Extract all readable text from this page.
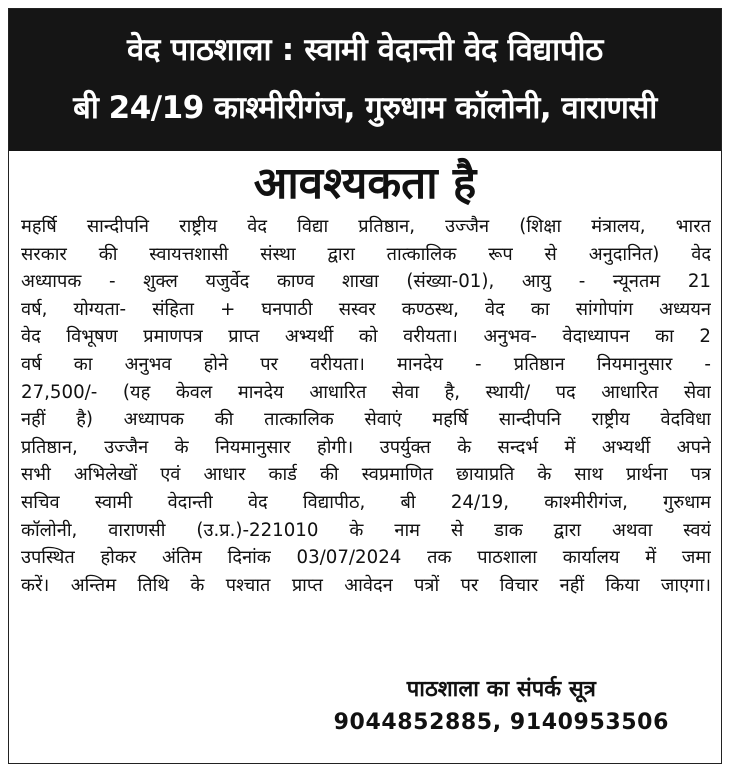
वेद पाठशाला : स्वामी वेदान्ती वेद विद्यापीठ
बी 24/19 काश्मीरीगंज, गुरुधाम कॉलोनी, वाराणसी
आवश्यकता है
महर्षि सान्दीपनि राष्ट्रीय वेद विद्या प्रतिष्ठान, उज्जैन (शिक्षा मंत्रालय, भारत
सरकार की स्वायत्तशासी संस्था द्वारा तात्कालिक रूप से अनुदानित) वेद
अध्यापक - शुक्ल यजुर्वेद काण्व शाखा (संख्या-01), आयु - न्यूनतम 21
वर्ष, योग्यता- संहिता + घनपाठी सस्वर कण्ठस्थ, वेद का सांगोपांग अध्ययन
वेद विभूषण प्रमाणपत्र प्राप्त अभ्यर्थी को वरीयता। अनुभव- वेदाध्यापन का 2
वर्ष का अनुभव होने पर वरीयता। मानदेय - प्रतिष्ठान नियमानुसार -
27,500/- (यह केवल मानदेय आधारित सेवा है, स्थायी/ पद आधारित सेवा
नहीं है) अध्यापक की तात्कालिक सेवाएं महर्षि सान्दीपनि राष्ट्रीय वेदविधा
प्रतिष्ठान, उज्जैन के नियमानुसार होगी। उपर्युक्त के सन्दर्भ में अभ्यर्थी अपने
सभी अभिलेखों एवं आधार कार्ड की स्वप्रमाणित छायाप्रति के साथ प्रार्थना पत्र
सचिव स्वामी वेदान्ती वेद विद्यापीठ, बी 24/19, काश्मीरीगंज, गुरुधाम
कॉलोनी, वाराणसी (उ.प्र.)-221010 के नाम से डाक द्वारा अथवा स्वयं
उपस्थित होकर अंतिम दिनांक 03/07/2024 तक पाठशाला कार्यालय में जमा
करें। अन्तिम तिथि के पश्चात प्राप्त आवेदन पत्रों पर विचार नहीं किया जाएगा।
पाठशाला का संपर्क सूत्र
9044852885, 9140953506
